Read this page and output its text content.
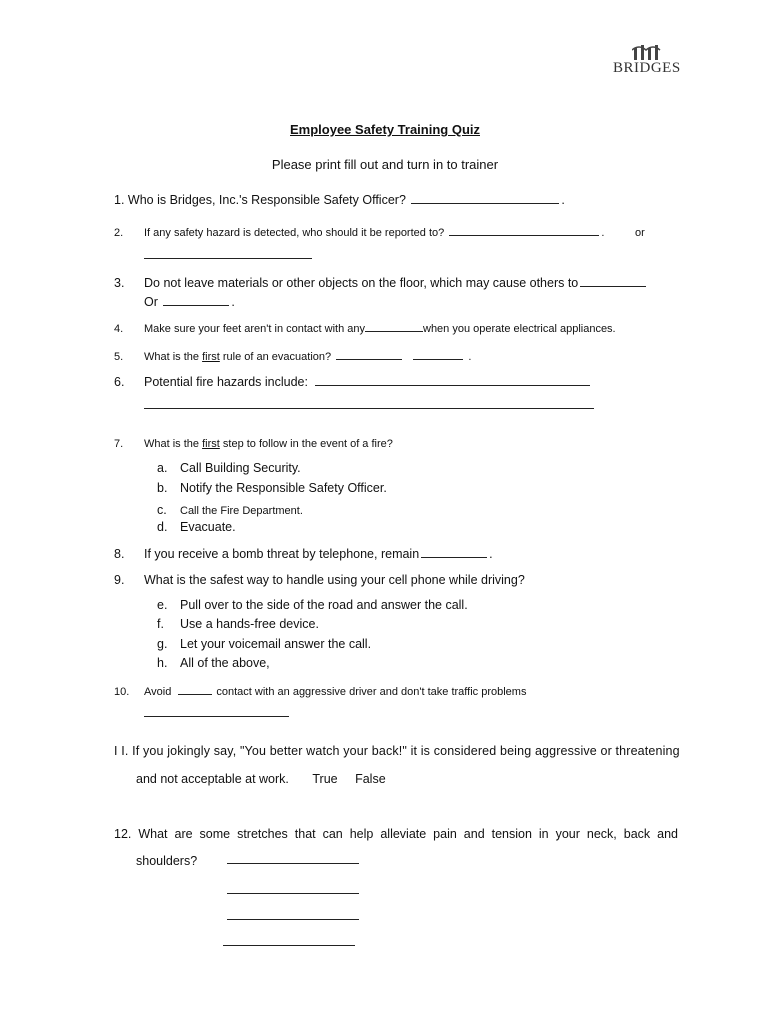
BRIDGES
Employee Safety Training Quiz
Please print fill out and turn in to trainer
1. Who is Bridges, Inc.'s Responsible Safety Officer?	.
2. If any safety hazard is detected, who should it be reported to?	.	or
3. Do not leave materials or other objects on the floor, which may cause others to
Or	.
4. Make sure your feet aren't in contact with any	when you operate electrical appliances.
5. What is the first rule of an evacuation?	.
6. Potential fire hazards include:
7. What is the first step to follow in the event of a fire?
a. Call Building Security.
b. Notify the Responsible Safety Officer.
c. Call the Fire Department.
d. Evacuate.
8. If you receive a bomb threat by telephone, remain	.
9. What is the safest way to handle using your cell phone while driving?
e. Pull over to the side of the road and answer the call.
f. Use a hands-free device.
g. Let your voicemail answer the call.
h. All of the above,
10. Avoid	contact with an aggressive driver and don't take traffic problems
I I. If you jokingly say, "You better watch your back!" it is considered being aggressive or threatening
and not acceptable at work. True False
12. What are some stretches that can help alleviate pain and tension in your neck, back and
shoulders?
